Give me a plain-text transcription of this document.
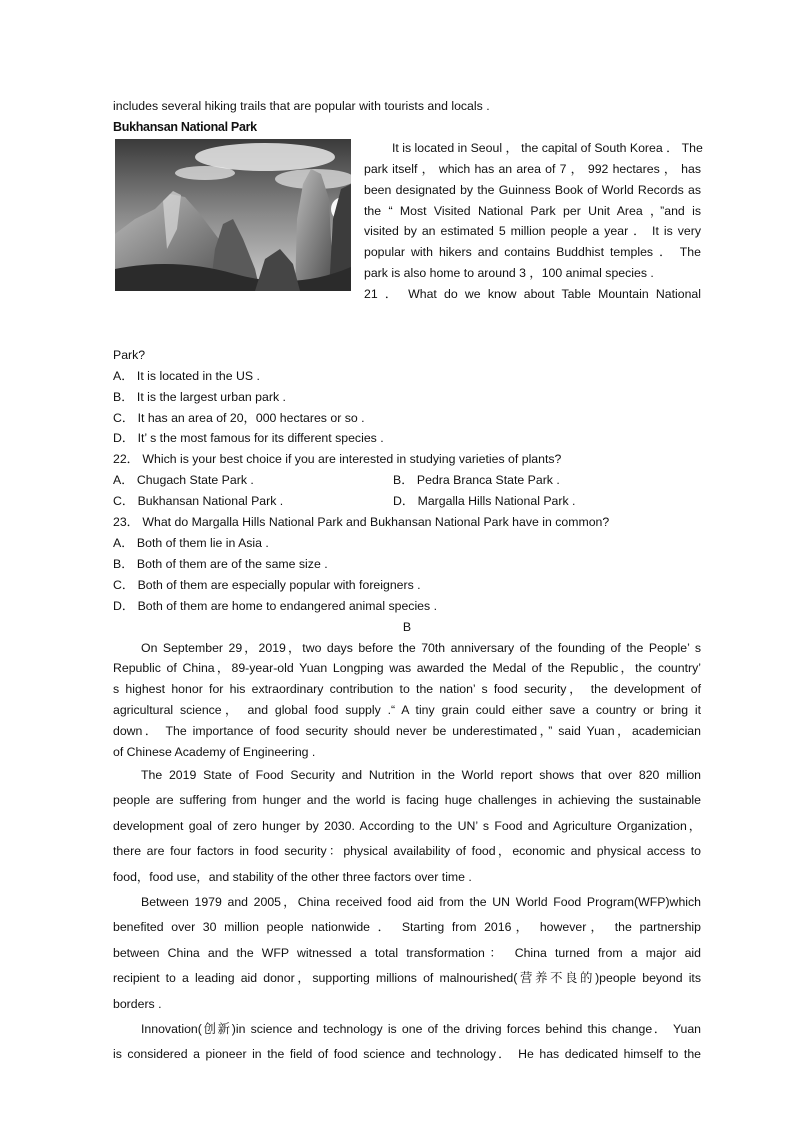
includes several hiking trails that are popular with tourists and locals .
Bukhansan National Park
It is located in Seoul ， the capital of South Korea ． The
park itself ， which has an area of 7 ， 992 hectares ， has
been designated by the Guinness Book of World Records as
the “ Most Visited National Park per Unit Area ，”and is
visited by an estimated 5 million people a year ． It is very
popular with hikers and contains Buddhist temples ． The
park is also home to around 3 ，100 animal species .
21 ． What do we know about Table Mountain National
Park?
A． It is located in the US .
B． It is the largest urban park .
C． It has an area of 20，000 hectares or so .
D． It’ s the most famous for its different species .
22． Which is your best choice if you are interested in studying varieties of plants?
A． Chugach State Park .	B． Pedra Branca State Park .
C． Bukhansan National Park .	D． Margalla Hills National Park .
23． What do Margalla Hills National Park and Bukhansan National Park have in common?
A． Both of them lie in Asia .
B． Both of them are of the same size .
C． Both of them are especially popular with foreigners .
D． Both of them are home to endangered animal species .
B
On September 29，2019，two days before the 70th anniversary of the founding of the People’ s
Republic of China，89-year-old Yuan Longping was awarded the Medal of the Republic，the country’
s highest honor for his extraordinary contribution to the nation’ s food security， the development of
agricultural science， and global food supply .“ A tiny grain could either save a country or bring it
down． The importance of food security should never be underestimated，” said Yuan，academician
of Chinese Academy of Engineering .
The 2019 State of Food Security and Nutrition in the World report shows that over 820 million
people are suffering from hunger and the world is facing huge challenges in achieving the sustainable
development goal of zero hunger by 2030. According to the UN’ s Food and Agriculture Organization，
there are four factors in food security：physical availability of food，economic and physical access to
food，food use，and stability of the other three factors over time .
Between 1979 and 2005，China received food aid from the UN World Food Program(WFP)which
benefited over 30 million people nationwide ． Starting from 2016， however， the partnership
between China and the WFP witnessed a total transformation： China turned from a major aid
recipient to a leading aid donor，supporting millions of malnourished(营养不良的)people beyond its
borders .
Innovation(创新)in science and technology is one of the driving forces behind this change． Yuan
is considered a pioneer in the field of food science and technology． He has dedicated himself to the
